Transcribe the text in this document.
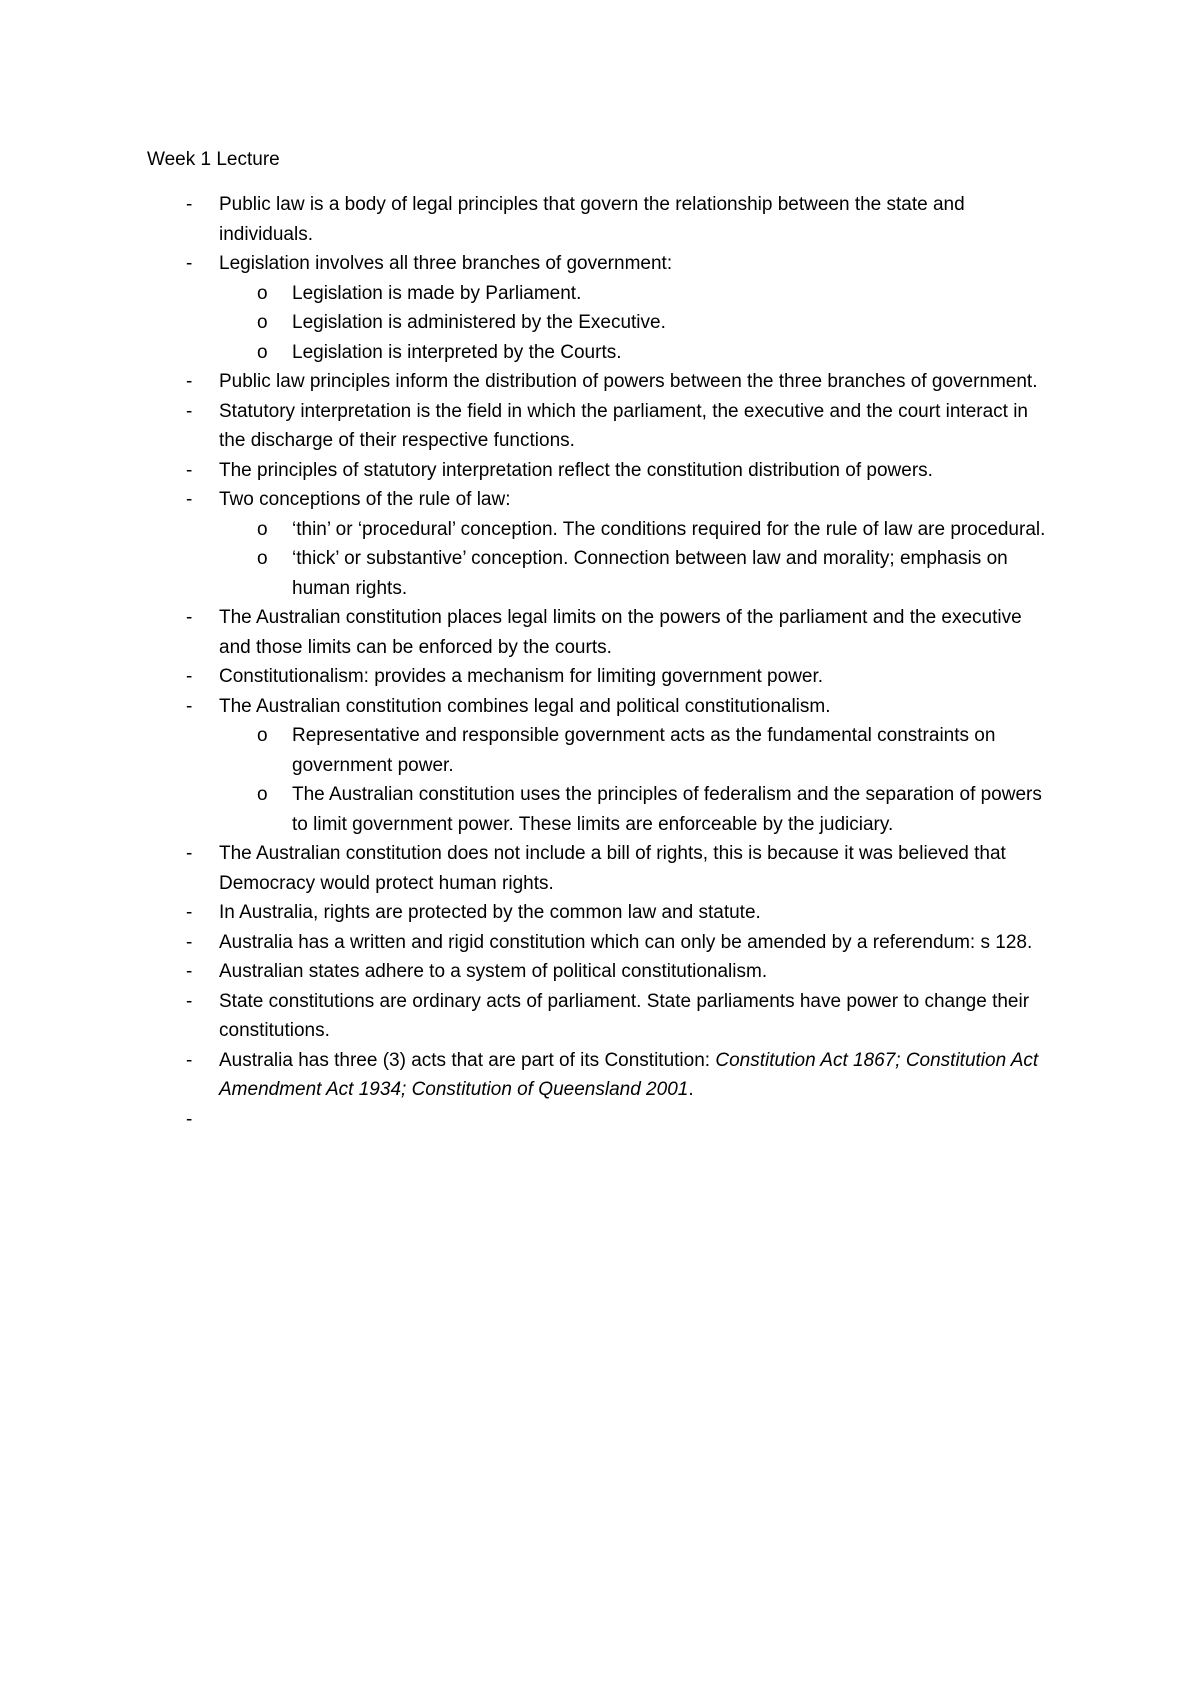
Week 1 Lecture
-	Public law is a body of legal principles that govern the relationship between the state and individuals.
-	Legislation involves all three branches of government:
o Legislation is made by Parliament.
o Legislation is administered by the Executive.
o Legislation is interpreted by the Courts.
-	Public law principles inform the distribution of powers between the three branches of government.
-	Statutory interpretation is the field in which the parliament, the executive and the court interact in the discharge of their respective functions.
-	The principles of statutory interpretation reflect the constitution distribution of powers.
-	Two conceptions of the rule of law:
o ‘thin’ or ‘procedural’ conception. The conditions required for the rule of law are procedural.
o ‘thick’ or substantive’ conception. Connection between law and morality; emphasis on human rights.
-	The Australian constitution places legal limits on the powers of the parliament and the executive and those limits can be enforced by the courts.
-	Constitutionalism: provides a mechanism for limiting government power.
-	The Australian constitution combines legal and political constitutionalism.
o Representative and responsible government acts as the fundamental constraints on government power.
o The Australian constitution uses the principles of federalism and the separation of powers to limit government power. These limits are enforceable by the judiciary.
-	The Australian constitution does not include a bill of rights, this is because it was believed that Democracy would protect human rights.
-	In Australia, rights are protected by the common law and statute.
-	Australia has a written and rigid constitution which can only be amended by a referendum: s 128.
-	Australian states adhere to a system of political constitutionalism.
-	State constitutions are ordinary acts of parliament. State parliaments have power to change their constitutions.
-	Australia has three (3) acts that are part of its Constitution: Constitution Act 1867; Constitution Act Amendment Act 1934; Constitution of Queensland 2001.
-
